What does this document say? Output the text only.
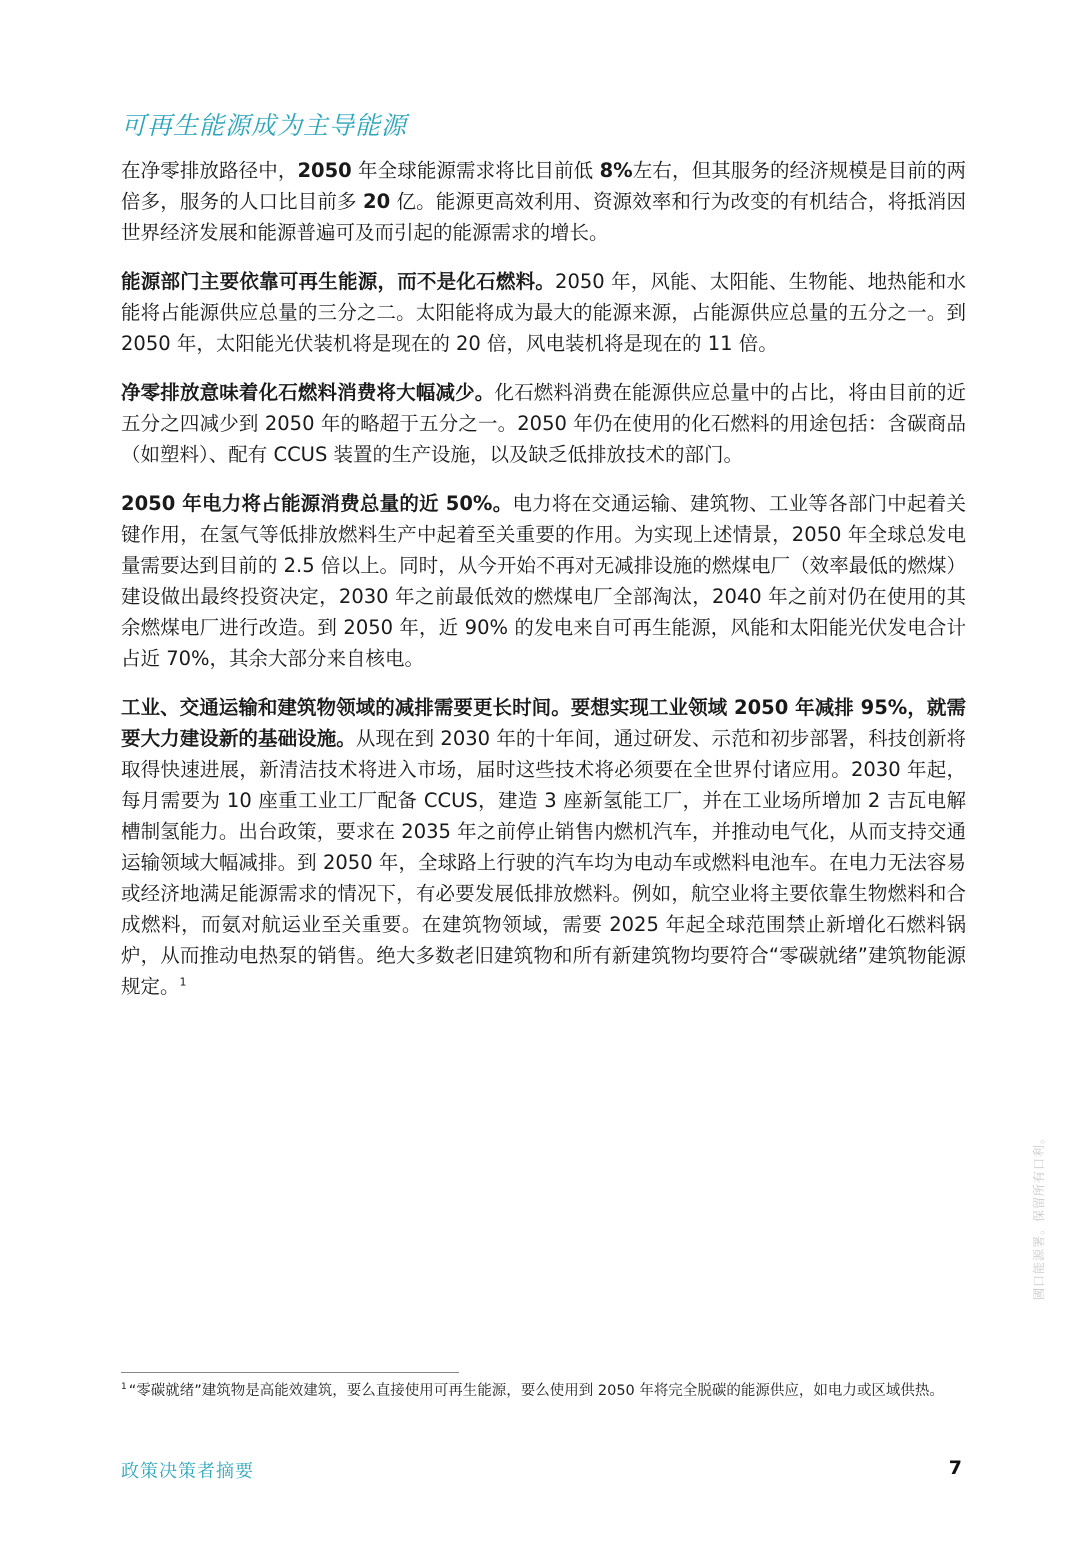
可再生能源成为主导能源

在净零排放路径中，2050 年全球能源需求将比目前低 8%左右，但其服务的经济规模是目前的两倍多，服务的人口比目前多 20 亿。能源更高效利用、资源效率和行为改变的有机结合，将抵消因世界经济发展和能源普遍可及而引起的能源需求的增长。

能源部门主要依靠可再生能源，而不是化石燃料。2050 年，风能、太阳能、生物能、地热能和水能将占能源供应总量的三分之二。太阳能将成为最大的能源来源，占能源供应总量的五分之一。到 2050 年，太阳能光伏装机将是现在的 20 倍，风电装机将是现在的 11 倍。

净零排放意味着化石燃料消费将大幅减少。化石燃料消费在能源供应总量中的占比，将由目前的近五分之四减少到 2050 年的略超于五分之一。2050 年仍在使用的化石燃料的用途包括：含碳商品（如塑料）、配有 CCUS 装置的生产设施，以及缺乏低排放技术的部门。

2050 年电力将占能源消费总量的近 50%。电力将在交通运输、建筑物、工业等各部门中起着关键作用，在氢气等低排放燃料生产中起着至关重要的作用。为实现上述情景，2050 年全球总发电量需要达到目前的 2.5 倍以上。同时，从今开始不再对无减排设施的燃煤电厂（效率最低的燃煤）建设做出最终投资决定，2030 年之前最低效的燃煤电厂全部淘汰，2040 年之前对仍在使用的其余燃煤电厂进行改造。到 2050 年，近 90% 的发电来自可再生能源，风能和太阳能光伏发电合计占近 70%，其余大部分来自核电。

工业、交通运输和建筑物领域的减排需要更长时间。要想实现工业领域 2050 年减排 95%，就需要大力建设新的基础设施。从现在到 2030 年的十年间，通过研发、示范和初步部署，科技创新将取得快速进展，新清洁技术将进入市场，届时这些技术将必须要在全世界付诸应用。2030 年起，每月需要为 10 座重工业工厂配备 CCUS，建造 3 座新氢能工厂，并在工业场所增加 2 吉瓦电解槽制氢能力。出台政策，要求在 2035 年之前停止销售内燃机汽车，并推动电气化，从而支持交通运输领域大幅减排。到 2050 年，全球路上行驶的汽车均为电动车或燃料电池车。在电力无法容易或经济地满足能源需求的情况下，有必要发展低排放燃料。例如，航空业将主要依靠生物燃料和合成燃料，而氨对航运业至关重要。在建筑物领域，需要 2025 年起全球范围禁止新增化石燃料锅炉，从而推动电热泵的销售。绝大多数老旧建筑物和所有新建筑物均要符合“零碳就绪”建筑物能源规定。$^1$

$^1$ “零碳就绪”建筑物是高能效建筑，要么直接使用可再生能源，要么使用到 2050 年将完全脱碳的能源供应，如电力或区域供热。

政策决策者摘要	7
國口能源署。保留所有口利。
